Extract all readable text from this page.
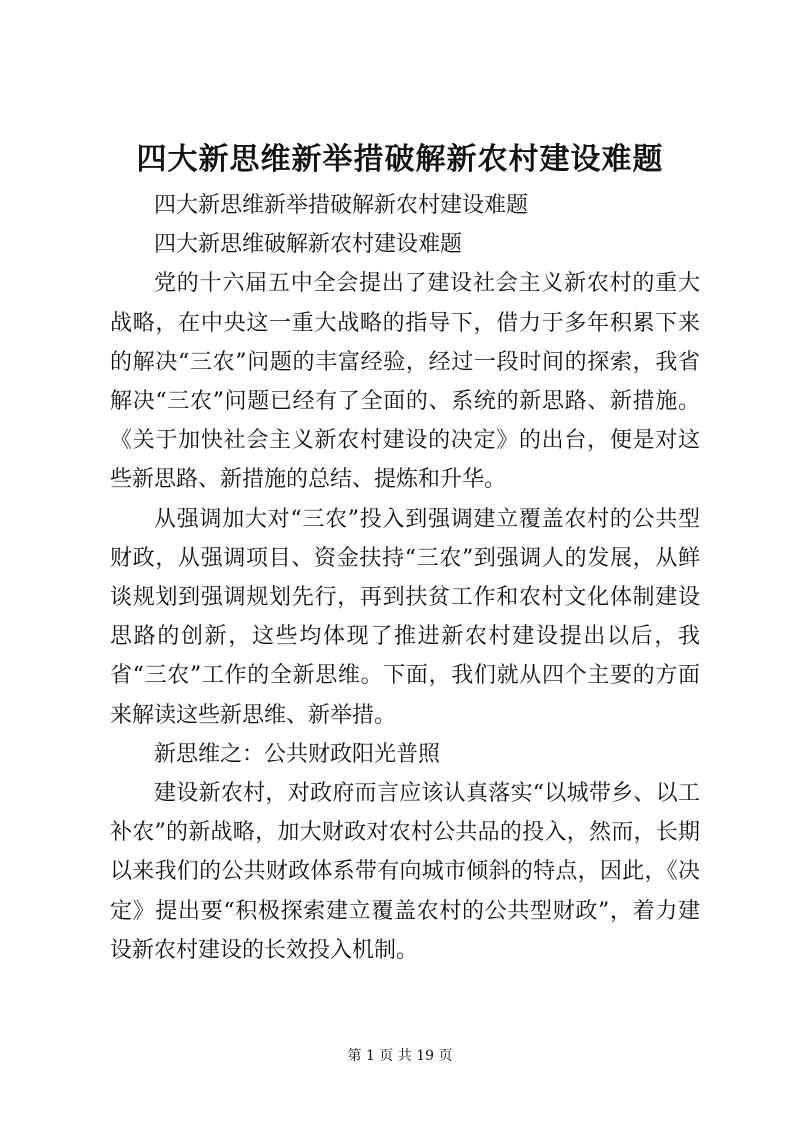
四大新思维新举措破解新农村建设难题

四大新思维新举措破解新农村建设难题

四大新思维破解新农村建设难题

党的十六届五中全会提出了建设社会主义新农村的重大战略，在中央这一重大战略的指导下，借力于多年积累下来的解决“三农”问题的丰富经验，经过一段时间的探索，我省解决“三农”问题已经有了全面的、系统的新思路、新措施。《关于加快社会主义新农村建设的决定》的出台，便是对这些新思路、新措施的总结、提炼和升华。

从强调加大对“三农”投入到强调建立覆盖农村的公共型财政，从强调项目、资金扶持“三农”到强调人的发展，从鲜谈规划到强调规划先行，再到扶贫工作和农村文化体制建设思路的创新，这些均体现了推进新农村建设提出以后，我省“三农”工作的全新思维。下面，我们就从四个主要的方面来解读这些新思维、新举措。

新思维之：公共财政阳光普照

建设新农村，对政府而言应该认真落实“以城带乡、以工补农”的新战略，加大财政对农村公共品的投入，然而，长期以来我们的公共财政体系带有向城市倾斜的特点，因此，《决定》提出要“积极探索建立覆盖农村的公共型财政”，着力建设新农村建设的长效投入机制。

第 1 页 共 19 页
